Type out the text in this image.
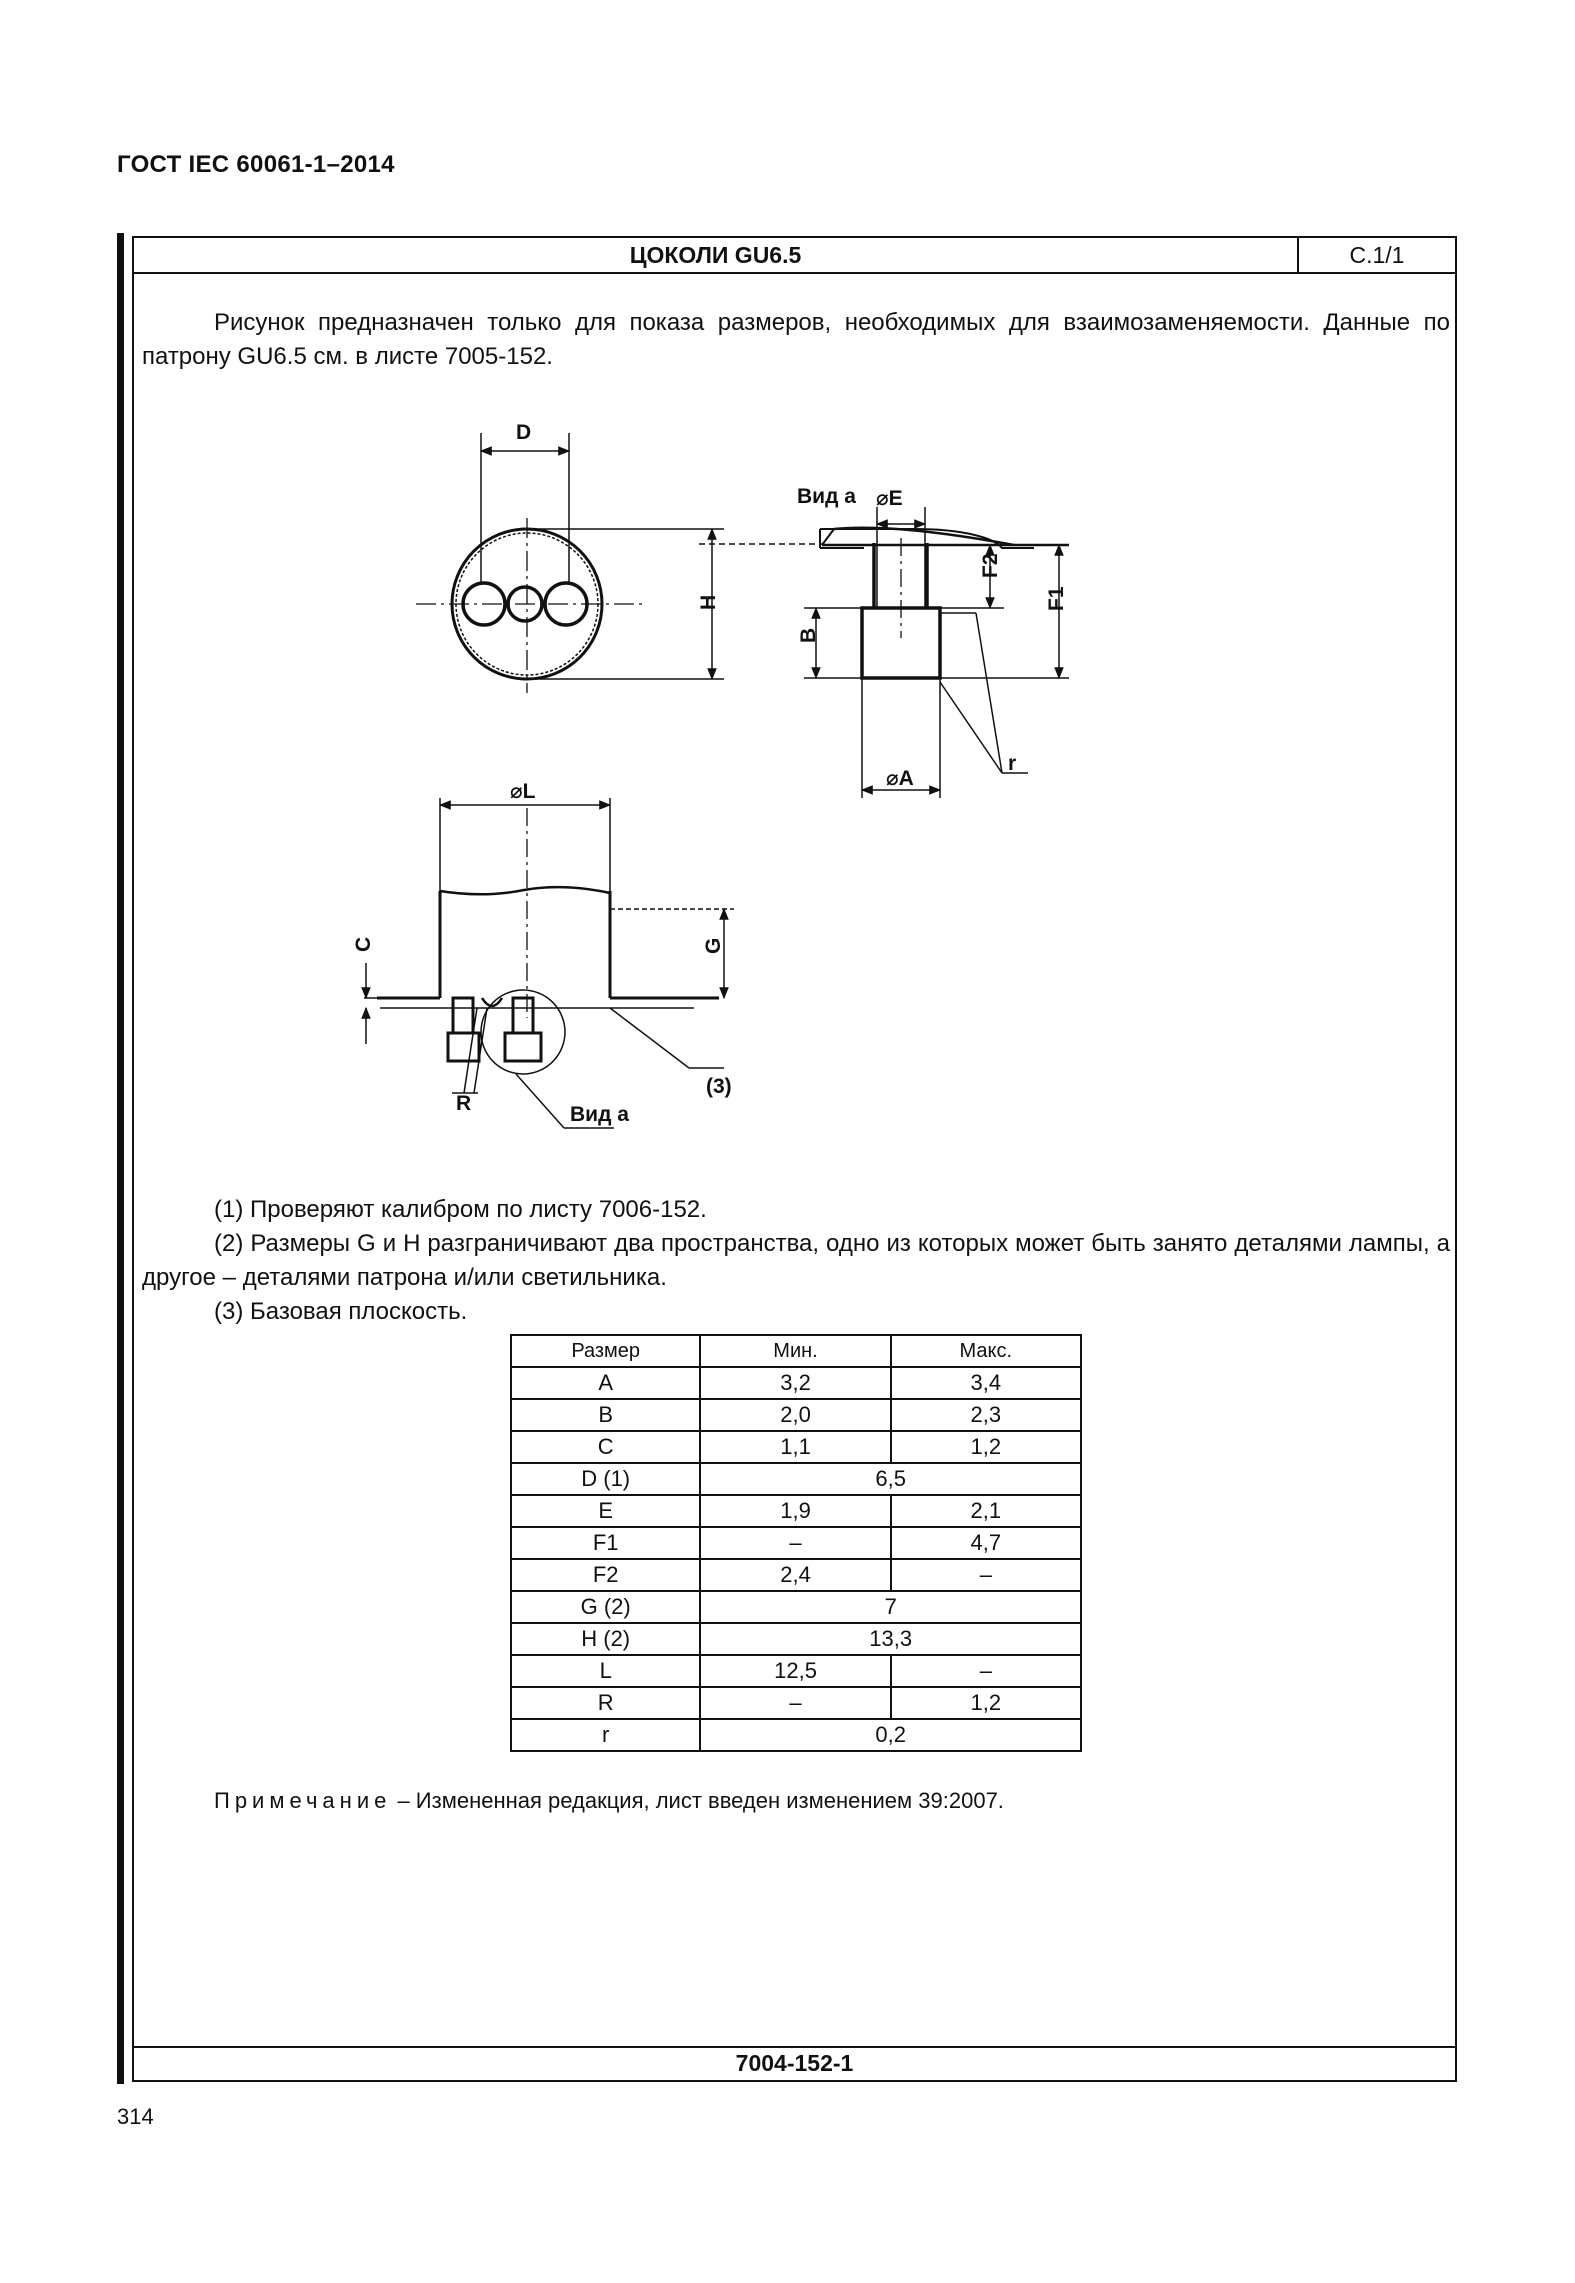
ГОСТ IEC 60061-1–2014
ЦОКОЛИ GU6.5	С.1/1

Рисунок предназначен только для показа размеров, необходимых для взаимозаменяемости. Данные по патрону GU6.5 см. в листе 7005-152.

D
H
⌀E
Вид а
F2
F1
B
r
⌀A
⌀L
C	G
R
(3)
Вид а

(1) Проверяют калибром по листу 7006-152.

(2) Размеры G и H разграничивают два пространства, одно из которых может быть занято деталями лампы, а другое – деталями патрона и/или светильника.

(3) Базовая плоскость.

Размер	Мин.	Макс.
A	3,2	3,4
B	2,0	2,3
C	1,1	1,2
D (1)	6,5	
E	1,9	2,1
F1	–	4,7
F2	2,4	–
G (2)	7	
H (2)	13,3	
L	12,5	–
R	–	1,2
r	0,2	
Примечание – Измененная редакция, лист введен изменением 39:2007.
7004-152-1
314
